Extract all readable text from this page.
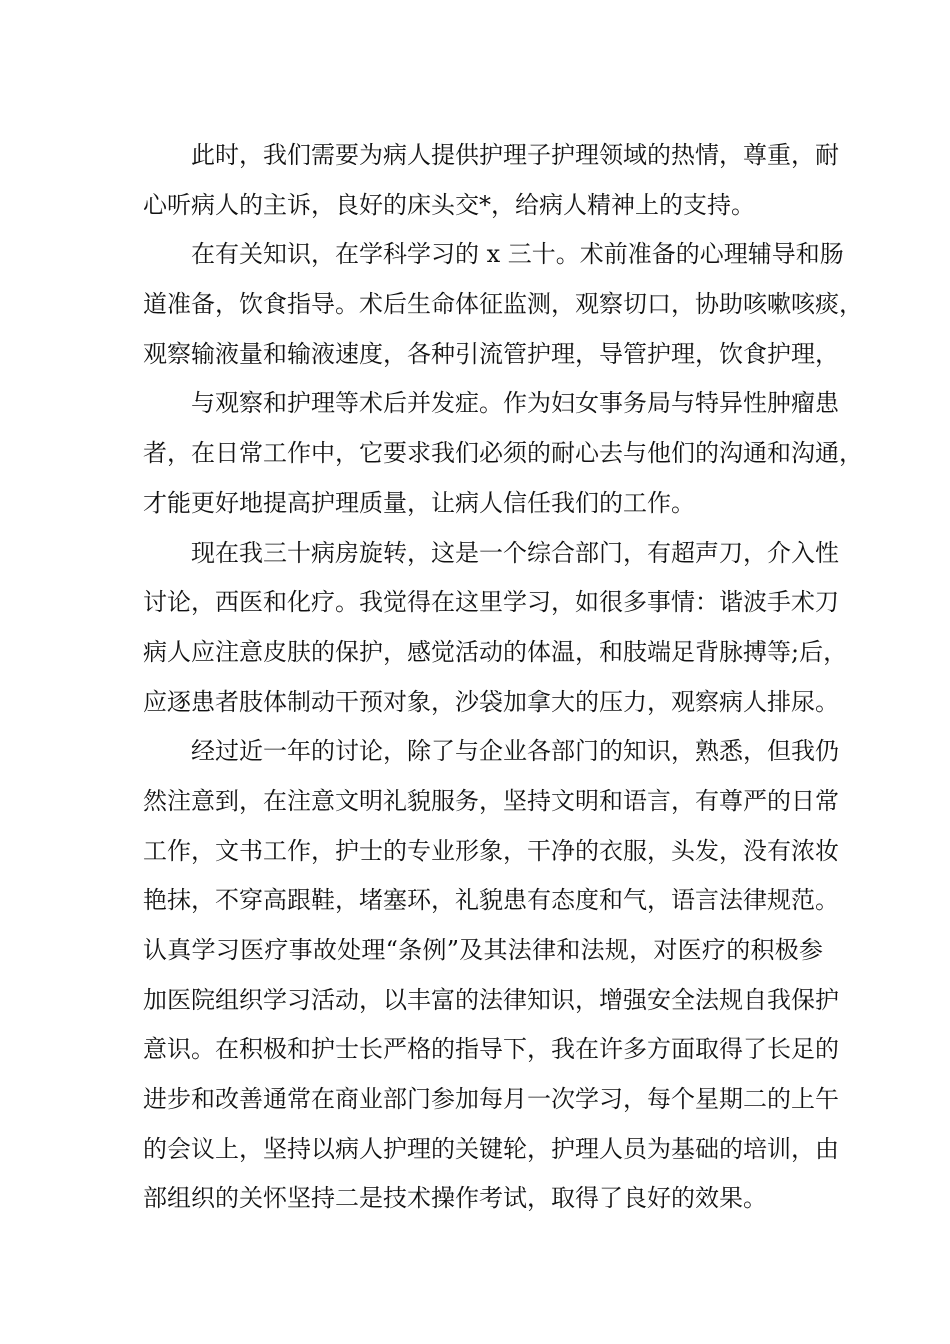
此时，我们需要为病人提供护理子护理领域的热情，尊重，耐
心听病人的主诉，良好的床头交*，给病人精神上的支持。
在有关知识，在学科学习的 x 三十。术前准备的心理辅导和肠
道准备，饮食指导。术后生命体征监测，观察切口，协助咳嗽咳痰，
观察输液量和输液速度，各种引流管护理，导管护理，饮食护理，
与观察和护理等术后并发症。作为妇女事务局与特异性肿瘤患
者，在日常工作中，它要求我们必须的耐心去与他们的沟通和沟通，
才能更好地提高护理质量，让病人信任我们的工作。
现在我三十病房旋转，这是一个综合部门，有超声刀，介入性
讨论，西医和化疗。我觉得在这里学习，如很多事情：谐波手术刀
病人应注意皮肤的保护，感觉活动的体温，和肢端足背脉搏等;后，
应逐患者肢体制动干预对象，沙袋加拿大的压力，观察病人排尿。
经过近一年的讨论，除了与企业各部门的知识，熟悉，但我仍
然注意到，在注意文明礼貌服务，坚持文明和语言，有尊严的日常
工作，文书工作，护士的专业形象，干净的衣服，头发，没有浓妆
艳抹，不穿高跟鞋，堵塞环，礼貌患有态度和气，语言法律规范。
认真学习医疗事故处理“条例”及其法律和法规，对医疗的积极参
加医院组织学习活动，以丰富的法律知识，增强安全法规自我保护
意识。在积极和护士长严格的指导下，我在许多方面取得了长足的
进步和改善通常在商业部门参加每月一次学习，每个星期二的上午
的会议上，坚持以病人护理的关键轮，护理人员为基础的培训，由
部组织的关怀坚持二是技术操作考试，取得了良好的效果。
